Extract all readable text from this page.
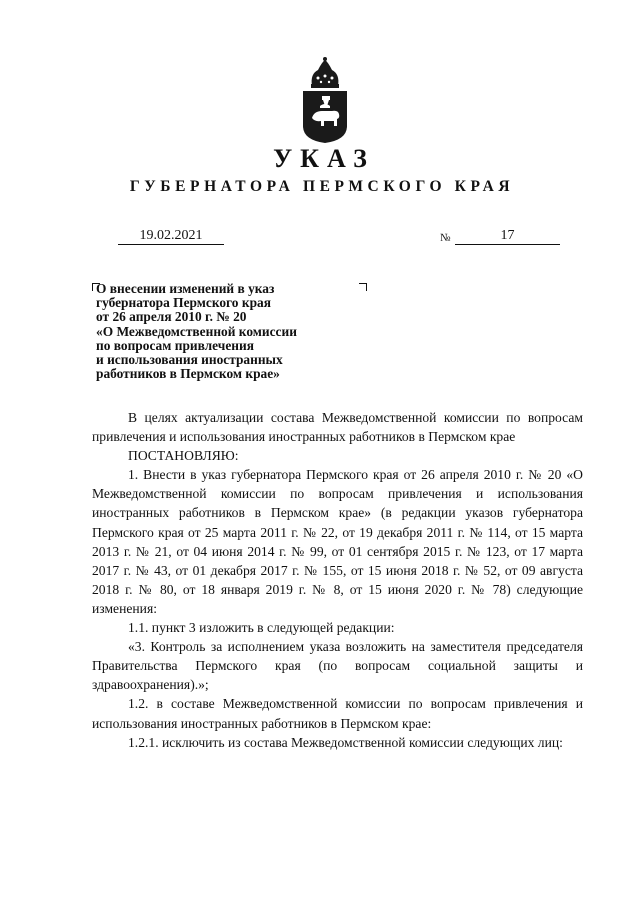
УКАЗ
ГУБЕРНАТОРА ПЕРМСКОГО КРАЯ
19.02.2021	№	17
О внесении изменений в указ
губернатора Пермского края
от 26 апреля 2010 г. № 20
«О Межведомственной комиссии
по вопросам привлечения
и использования иностранных
работников в Пермском крае»

В целях актуализации состава Межведомственной комиссии по вопросам привлечения и использования иностранных работников в Пермском крае

ПОСТАНОВЛЯЮ:

1. Внести в указ губернатора Пермского края от 26 апреля 2010 г. № 20 «О Межведомственной комиссии по вопросам привлечения и использования иностранных работников в Пермском крае» (в редакции указов губернатора Пермского края от 25 марта 2011 г. № 22, от 19 декабря 2011 г. № 114, от 15 марта 2013 г. № 21, от 04 июня 2014 г. № 99, от 01 сентября 2015 г. № 123, от 17 марта 2017 г. № 43, от 01 декабря 2017 г. № 155, от 15 июня 2018 г. № 52, от 09 августа 2018 г. № 80, от 18 января 2019 г. № 8, от 15 июня 2020 г. № 78) следующие изменения:

1.1. пункт 3 изложить в следующей редакции:

«3. Контроль за исполнением указа возложить на заместителя председателя Правительства Пермского края (по вопросам социальной защиты и здравоохранения).»;

1.2. в составе Межведомственной комиссии по вопросам привлечения и использования иностранных работников в Пермском крае:

1.2.1. исключить из состава Межведомственной комиссии следующих лиц:
